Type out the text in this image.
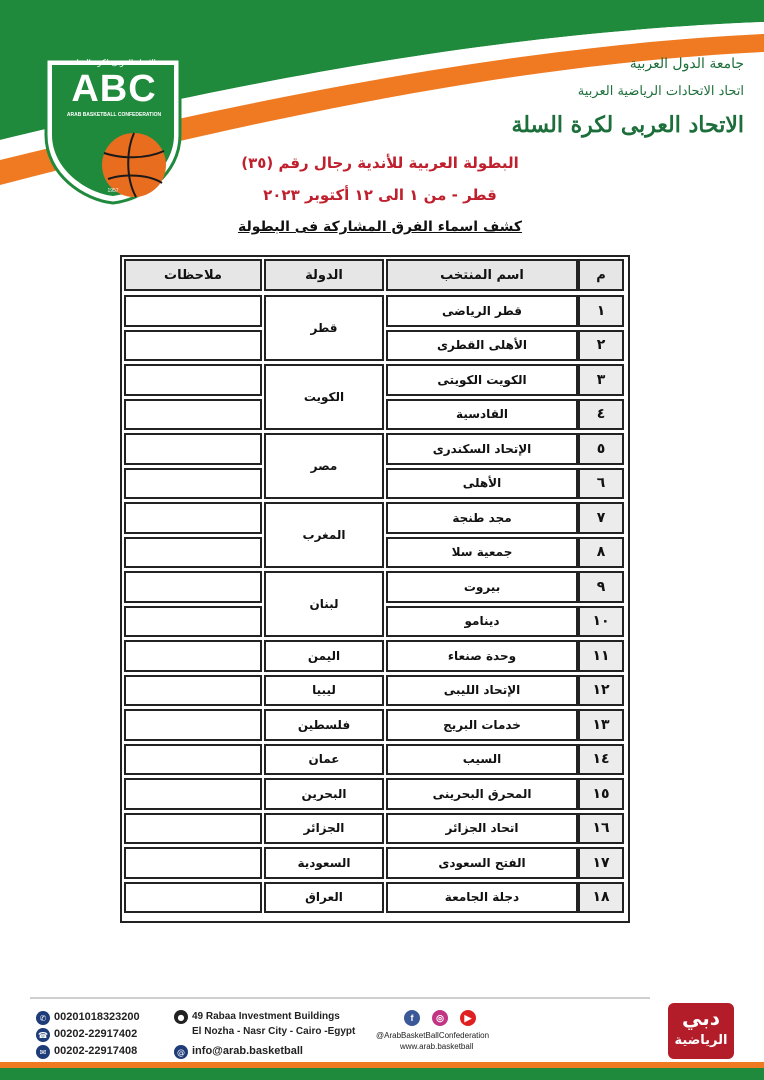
الاتحاد العربى لكرة السلة
ABC
ARAB BASKETBALL CONFEDERATION
1957
جامعة الدول العربية
اتحاد الاتحادات الرياضية العربية
الاتحاد العربى لكرة السلة
البطولة العربية للأندية رجال رقم (٣٥)
قطر - من ١ الى ١٢ أكتوبر ٢٠٢٣
كشف اسماء الفرق المشاركة فى البطولة
م
اسم المنتخب
الدولة
ملاحظات
١
قطر الرياضى
٢
الأهلى القطرى
٣
الكويت الكويتى
٤
القادسية
٥
الإتحاد السكندرى
٦
الأهلى
٧
مجد طنجة
٨
جمعية سلا
٩
بيروت
١٠
دينامو
١١
وحدة صنعاء
١٢
الإتحاد الليبى
١٣
خدمات البريج
١٤
السيب
١٥
المحرق البحرينى
١٦
اتحاد الجزائر
١٧
الفتح السعودى
١٨
دجلة الجامعة
قطر
الكويت
مصر
المغرب
لبنان
اليمن
ليبيا
فلسطين
عمان
البحرين
الجزائر
السعودية
العراق
✆ 00201018323200
☎ 00202-22917402
✉ 00202-22917408
● 49 Rabaa Investment Buildings
El Nozha - Nasr City - Cairo -Egypt
@ info@arab.basketball
f	◎	▶
@ArabBasketBallConfederation
www.arab.basketball
دبي
الرياضية
